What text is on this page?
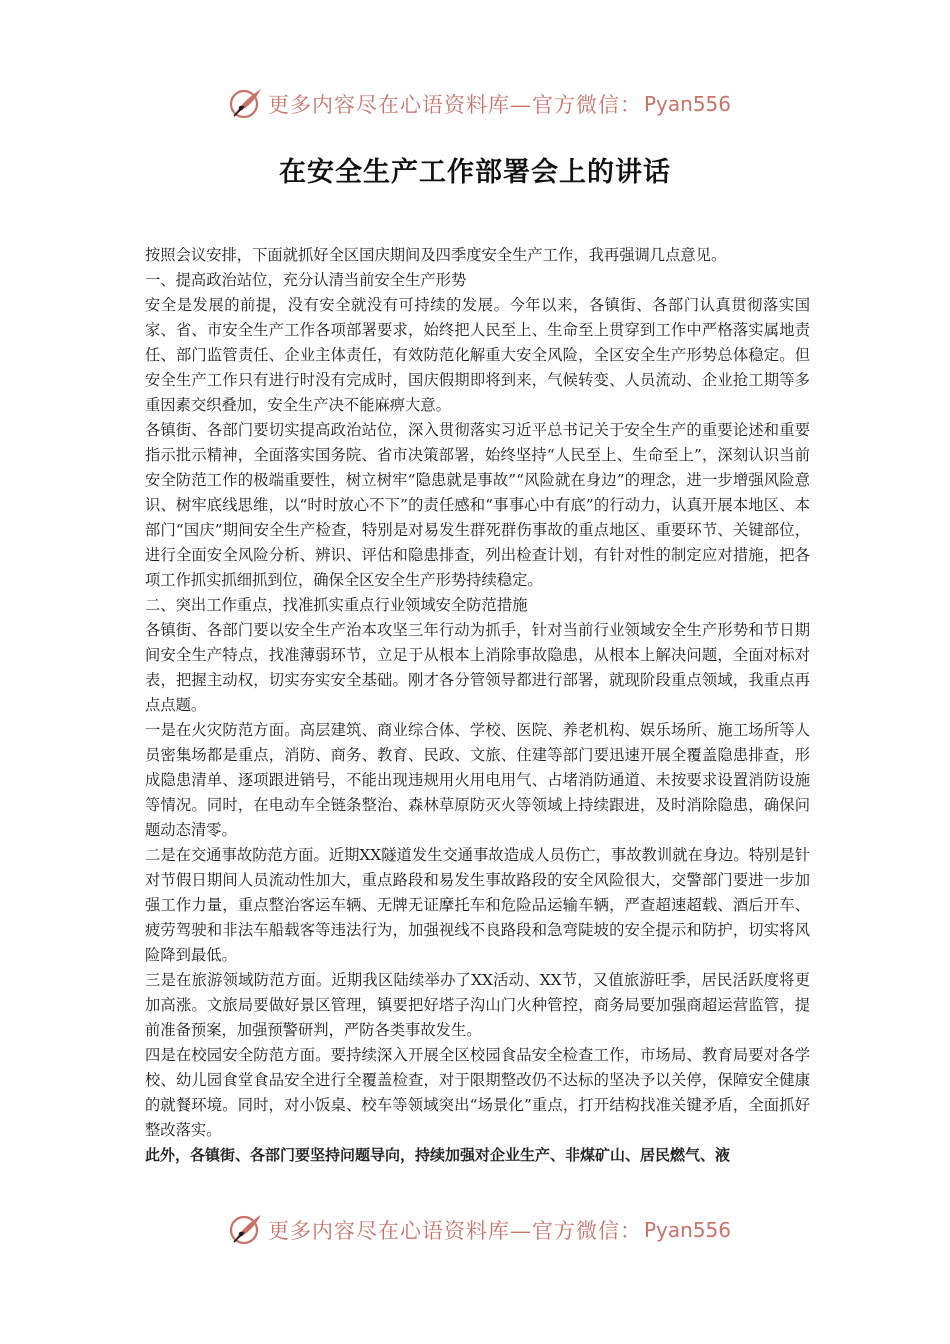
更多内容尽在心语资料库—官方微信： Pyan556
在安全生产工作部署会上的讲话

按照会议安排，下面就抓好全区国庆期间及四季度安全生产工作，我再强调几点意见。

一、提高政治站位，充分认清当前安全生产形势

安全是发展的前提，没有安全就没有可持续的发展。今年以来，各镇街、各部门认真贯彻落实国家、省、市安全生产工作各项部署要求，始终把人民至上、生命至上贯穿到工作中严格落实属地责任、部门监管责任、企业主体责任，有效防范化解重大安全风险，全区安全生产形势总体稳定。但安全生产工作只有进行时没有完成时，国庆假期即将到来，气候转变、人员流动、企业抢工期等多重因素交织叠加，安全生产决不能麻痹大意。

各镇街、各部门要切实提高政治站位，深入贯彻落实习近平总书记关于安全生产的重要论述和重要指示批示精神，全面落实国务院、省市决策部署，始终坚持“人民至上、生命至上”，深刻认识当前安全防范工作的极端重要性，树立树牢“隐患就是事故”“风险就在身边”的理念，进一步增强风险意识、树牢底线思维，以“时时放心不下”的责任感和“事事心中有底”的行动力，认真开展本地区、本部门“国庆”期间安全生产检查，特别是对易发生群死群伤事故的重点地区、重要环节、关键部位，进行全面安全风险分析、辨识、评估和隐患排查，列出检查计划，有针对性的制定应对措施，把各项工作抓实抓细抓到位，确保全区安全生产形势持续稳定。

二、突出工作重点，找准抓实重点行业领域安全防范措施

各镇街、各部门要以安全生产治本攻坚三年行动为抓手，针对当前行业领域安全生产形势和节日期间安全生产特点，找准薄弱环节，立足于从根本上消除事故隐患，从根本上解决问题，全面对标对表，把握主动权，切实夯实安全基础。刚才各分管领导都进行部署，就现阶段重点领域，我重点再点点题。

一是在火灾防范方面。高层建筑、商业综合体、学校、医院、养老机构、娱乐场所、施工场所等人员密集场都是重点，消防、商务、教育、民政、文旅、住建等部门要迅速开展全覆盖隐患排查，形成隐患清单、逐项跟进销号，不能出现违规用火用电用气、占堵消防通道、未按要求设置消防设施等情况。同时，在电动车全链条整治、森林草原防灭火等领域上持续跟进，及时消除隐患，确保问题动态清零。

二是在交通事故防范方面。近期XX隧道发生交通事故造成人员伤亡，事故教训就在身边。特别是针对节假日期间人员流动性加大，重点路段和易发生事故路段的安全风险很大，交警部门要进一步加强工作力量，重点整治客运车辆、无牌无证摩托车和危险品运输车辆，严查超速超载、酒后开车、疲劳驾驶和非法车船载客等违法行为，加强视线不良路段和急弯陡坡的安全提示和防护，切实将风险降到最低。

三是在旅游领域防范方面。近期我区陆续举办了XX活动、XX节，又值旅游旺季，居民活跃度将更加高涨。文旅局要做好景区管理，镇要把好塔子沟山门火种管控，商务局要加强商超运营监管，提前准备预案，加强预警研判，严防各类事故发生。

四是在校园安全防范方面。要持续深入开展全区校园食品安全检查工作，市场局、教育局要对各学校、幼儿园食堂食品安全进行全覆盖检查，对于限期整改仍不达标的坚决予以关停，保障安全健康的就餐环境。同时，对小饭桌、校车等领域突出“场景化”重点，打开结构找准关键矛盾，全面抓好整改落实。

此外，各镇街、各部门要坚持问题导向，持续加强对企业生产、非煤矿山、居民燃气、液

更多内容尽在心语资料库—官方微信： Pyan556
